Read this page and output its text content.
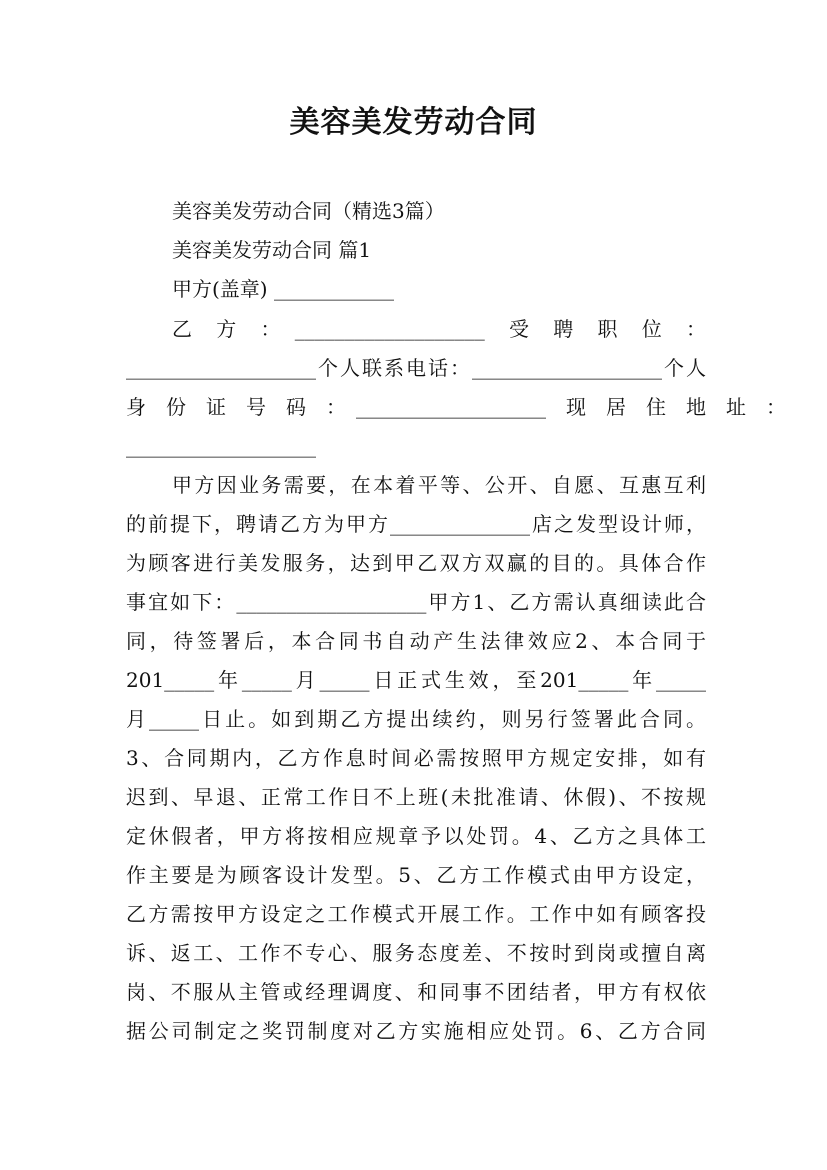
美容美发劳动合同
美容美发劳动合同（精选3篇）
美容美发劳动合同 篇1
甲方(盖章) ____________
乙　方　：　___________________　受　聘　职　位　：
___________________个人联系电话：___________________个人
身　份　证　号　码　：　___________________　现　居　住　地　址　：
___________________
甲方因业务需要，在本着平等、公开、自愿、互惠互利
的前提下，聘请乙方为甲方______________店之发型设计师，
为顾客进行美发服务，达到甲乙双方双赢的目的。具体合作
事宜如下：___________________甲方1、乙方需认真细读此合
同，待签署后，本合同书自动产生法律效应2、本合同于
201_____年_____月_____日正式生效，至201_____年_____
月_____日止。如到期乙方提出续约，则另行签署此合同。
3、合同期内，乙方作息时间必需按照甲方规定安排，如有
迟到、早退、正常工作日不上班(未批准请、休假)、不按规
定休假者，甲方将按相应规章予以处罚。4、乙方之具体工
作主要是为顾客设计发型。5、乙方工作模式由甲方设定，
乙方需按甲方设定之工作模式开展工作。工作中如有顾客投
诉、返工、工作不专心、服务态度差、不按时到岗或擅自离
岗、不服从主管或经理调度、和同事不团结者，甲方有权依
据公司制定之奖罚制度对乙方实施相应处罚。6、乙方合同
